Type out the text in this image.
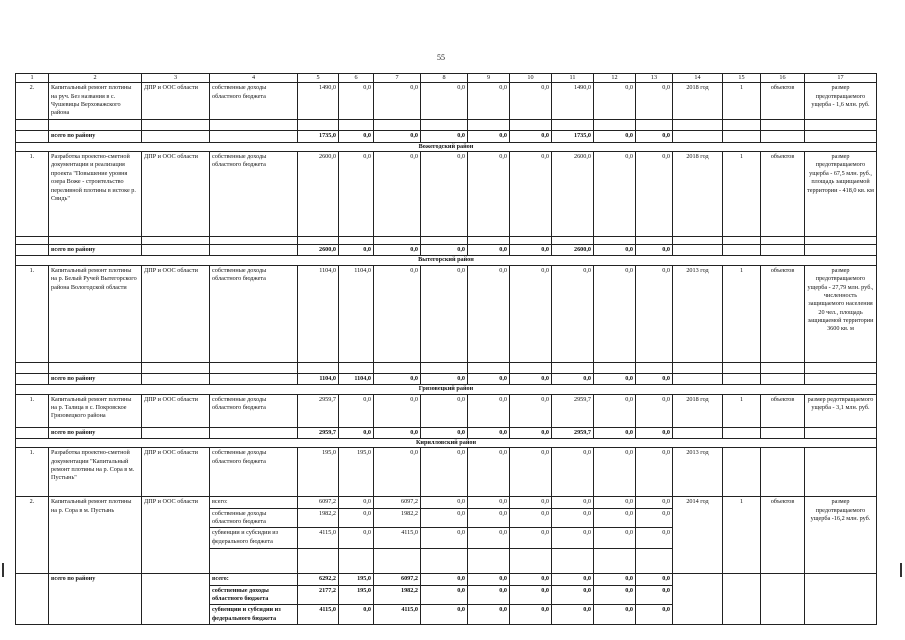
55
1	2	3	4	5	6	7	8	9	10	11	12	13	14	15	16	17
2.	Капитальный ремонт плотины на руч. Без названия в с. Чушевицы Верховажского района	ДПР и ООС области	собственные доходы областного бюджета	1490,0	0,0	0,0	0,0	0,0	0,0	1490,0	0,0	0,0	2018 год	1	объектов	размер предотвращаемого ущерба - 1,6 млн. руб.

	всего по району			1735,0	0,0	0,0	0,0	0,0	0,0	1735,0	0,0	0,0				
Вожегодский район																
1.	Разработка проектно-сметной документации и реализация проекта "Повышение уровня озера Воже - строительство переливной плотины в истоке р. Свидь"	ДПР и ООС области	собственные доходы областного бюджета	2600,0	0,0	0,0	0,0	0,0	0,0	2600,0	0,0	0,0	2018 год	1	объектов	размер предотвращаемого ущерба - 67,5 млн. руб., площадь защищаемой территории - 418,0 кв. км

	всего по району			2600,0	0,0	0,0	0,0	0,0	0,0	2600,0	0,0	0,0				
Вытегорский район																
1.	Капитальный ремонт плотины на р. Белый Ручей Вытегорского района Вологодской области	ДПР и ООС области	собственные доходы областного бюджета	1104,0	1104,0	0,0	0,0	0,0	0,0	0,0	0,0	0,0	2013 год	1	объектов	размер предотвращаемого ущерба - 27,79 млн. руб., численность защищаемого населения 20 чел., площадь защищаемой территории 3600 кв. м

	всего по району			1104,0	1104,0	0,0	0,0	0,0	0,0	0,0	0,0	0,0				
Грязовецкий район																
1.	Капитальный ремонт плотины на р. Талица в с. Покровское Грязовецкого района	ДПР и ООС области	собственные доходы областного бюджета	2959,7	0,0	0,0	0,0	0,0	0,0	2959,7	0,0	0,0	2018 год	1	объектов	размер редотвращаемого ущерба - 3,1 млн. руб.
	всего по району			2959,7	0,0	0,0	0,0	0,0	0,0	2959,7	0,0	0,0				
Кирилловский район																
1.	Разработка проектно-сметной документации "Капитальный ремонт плотины на р. Сора в м. Пустынь"	ДПР и ООС области	собственные доходы областного бюджета	195,0	195,0	0,0	0,0	0,0	0,0	0,0	0,0	0,0	2013 год			
2.	Капитальный ремонт плотины на р. Сора в м. Пустынь	ДПР и ООС области	всего:	6097,2	0,0	6097,2	0,0	0,0	0,0	0,0	0,0	0,0	2014 год	1	объектов	размер предотвращаемого ущерба -16,2 млн. руб.
			собственные доходы областного бюджета	1982,2	0,0	1982,2	0,0	0,0	0,0	0,0	0,0	0,0				
			субвенции и субсидии из федерального бюджета	4115,0	0,0	4115,0	0,0	0,0	0,0	0,0	0,0	0,0				

	всего по району		всего:	6292,2	195,0	6097,2	0,0	0,0	0,0	0,0	0,0	0,0				
			собственные доходы областного бюджета	2177,2	195,0	1982,2	0,0	0,0	0,0	0,0	0,0	0,0				
			субвенции и субсидии из федерального бюджета	4115,0	0,0	4115,0	0,0	0,0	0,0	0,0	0,0	0,0				
